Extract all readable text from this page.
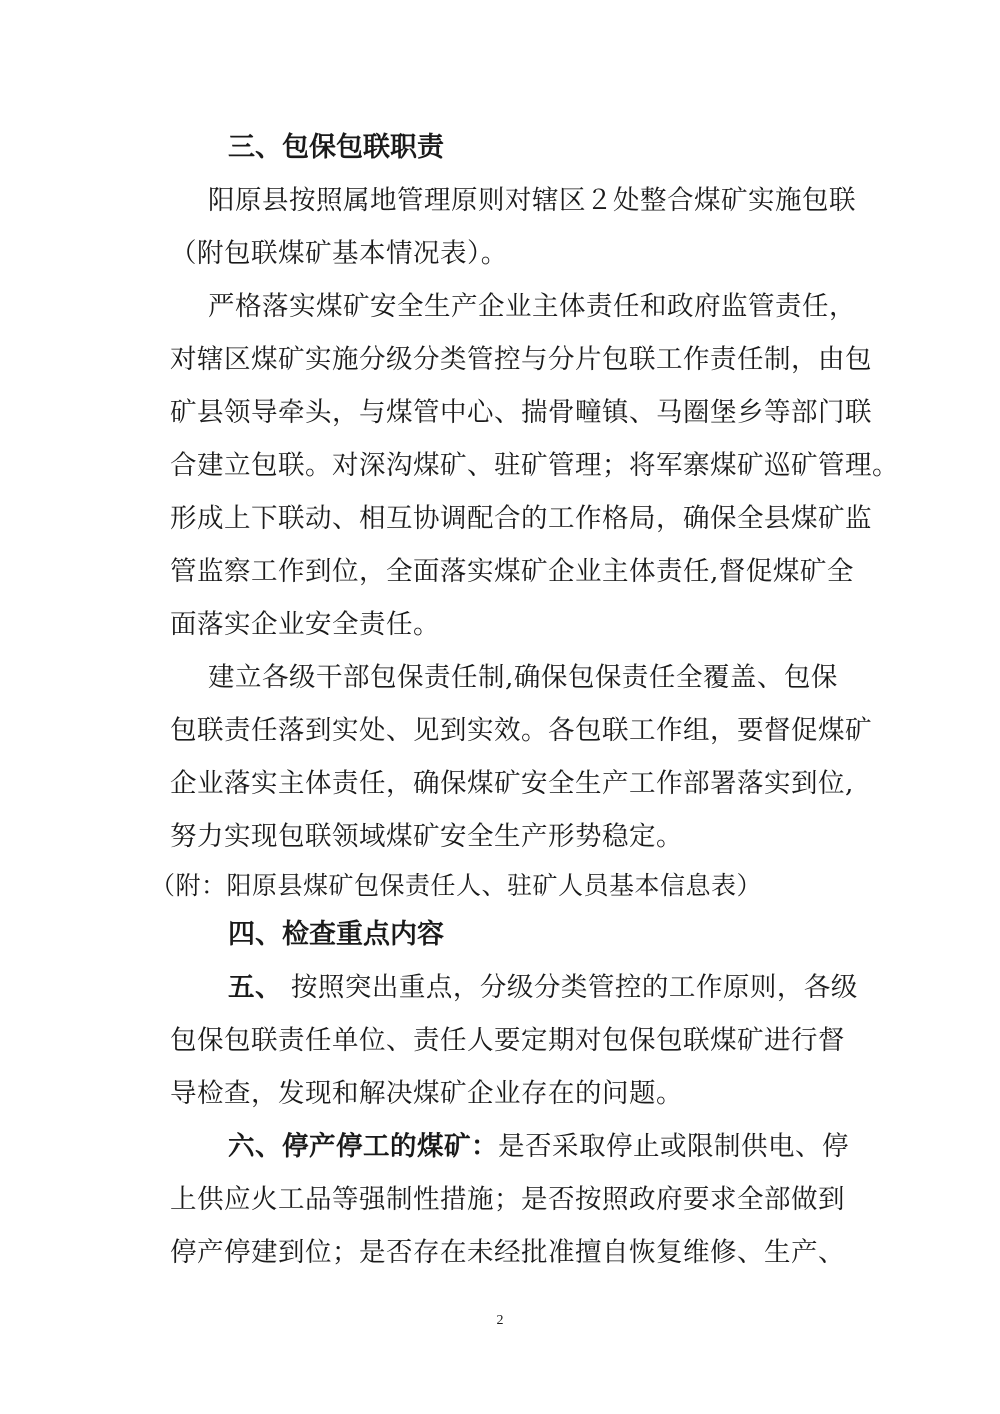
三、包保包联职责
阳原县按照属地管理原则对辖区２处整合煤矿实施包联
（附包联煤矿基本情况表）。
严格落实煤矿安全生产企业主体责任和政府监管责任，
对辖区煤矿实施分级分类管控与分片包联工作责任制，由包
矿县领导牵头，与煤管中心、揣骨疃镇、马圈堡乡等部门联
合建立包联。对深沟煤矿、驻矿管理；将军寨煤矿巡矿管理。
形成上下联动、相互协调配合的工作格局，确保全县煤矿监
管监察工作到位，全面落实煤矿企业主体责任,督促煤矿全
面落实企业安全责任。
建立各级干部包保责任制,确保包保责任全覆盖、包保
包联责任落到实处、见到实效。各包联工作组，要督促煤矿
企业落实主体责任，确保煤矿安全生产工作部署落实到位,
努力实现包联领域煤矿安全生产形势稳定。
（附：阳原县煤矿包保责任人、驻矿人员基本信息表）
四、检查重点内容
五、 按照突出重点，分级分类管控的工作原则，各级
包保包联责任单位、责任人要定期对包保包联煤矿进行督
导检查，发现和解决煤矿企业存在的问题。
六、停产停工的煤矿：是否采取停止或限制供电、停
上供应火工品等强制性措施；是否按照政府要求全部做到
停产停建到位；是否存在未经批准擅自恢复维修、生产、
2
